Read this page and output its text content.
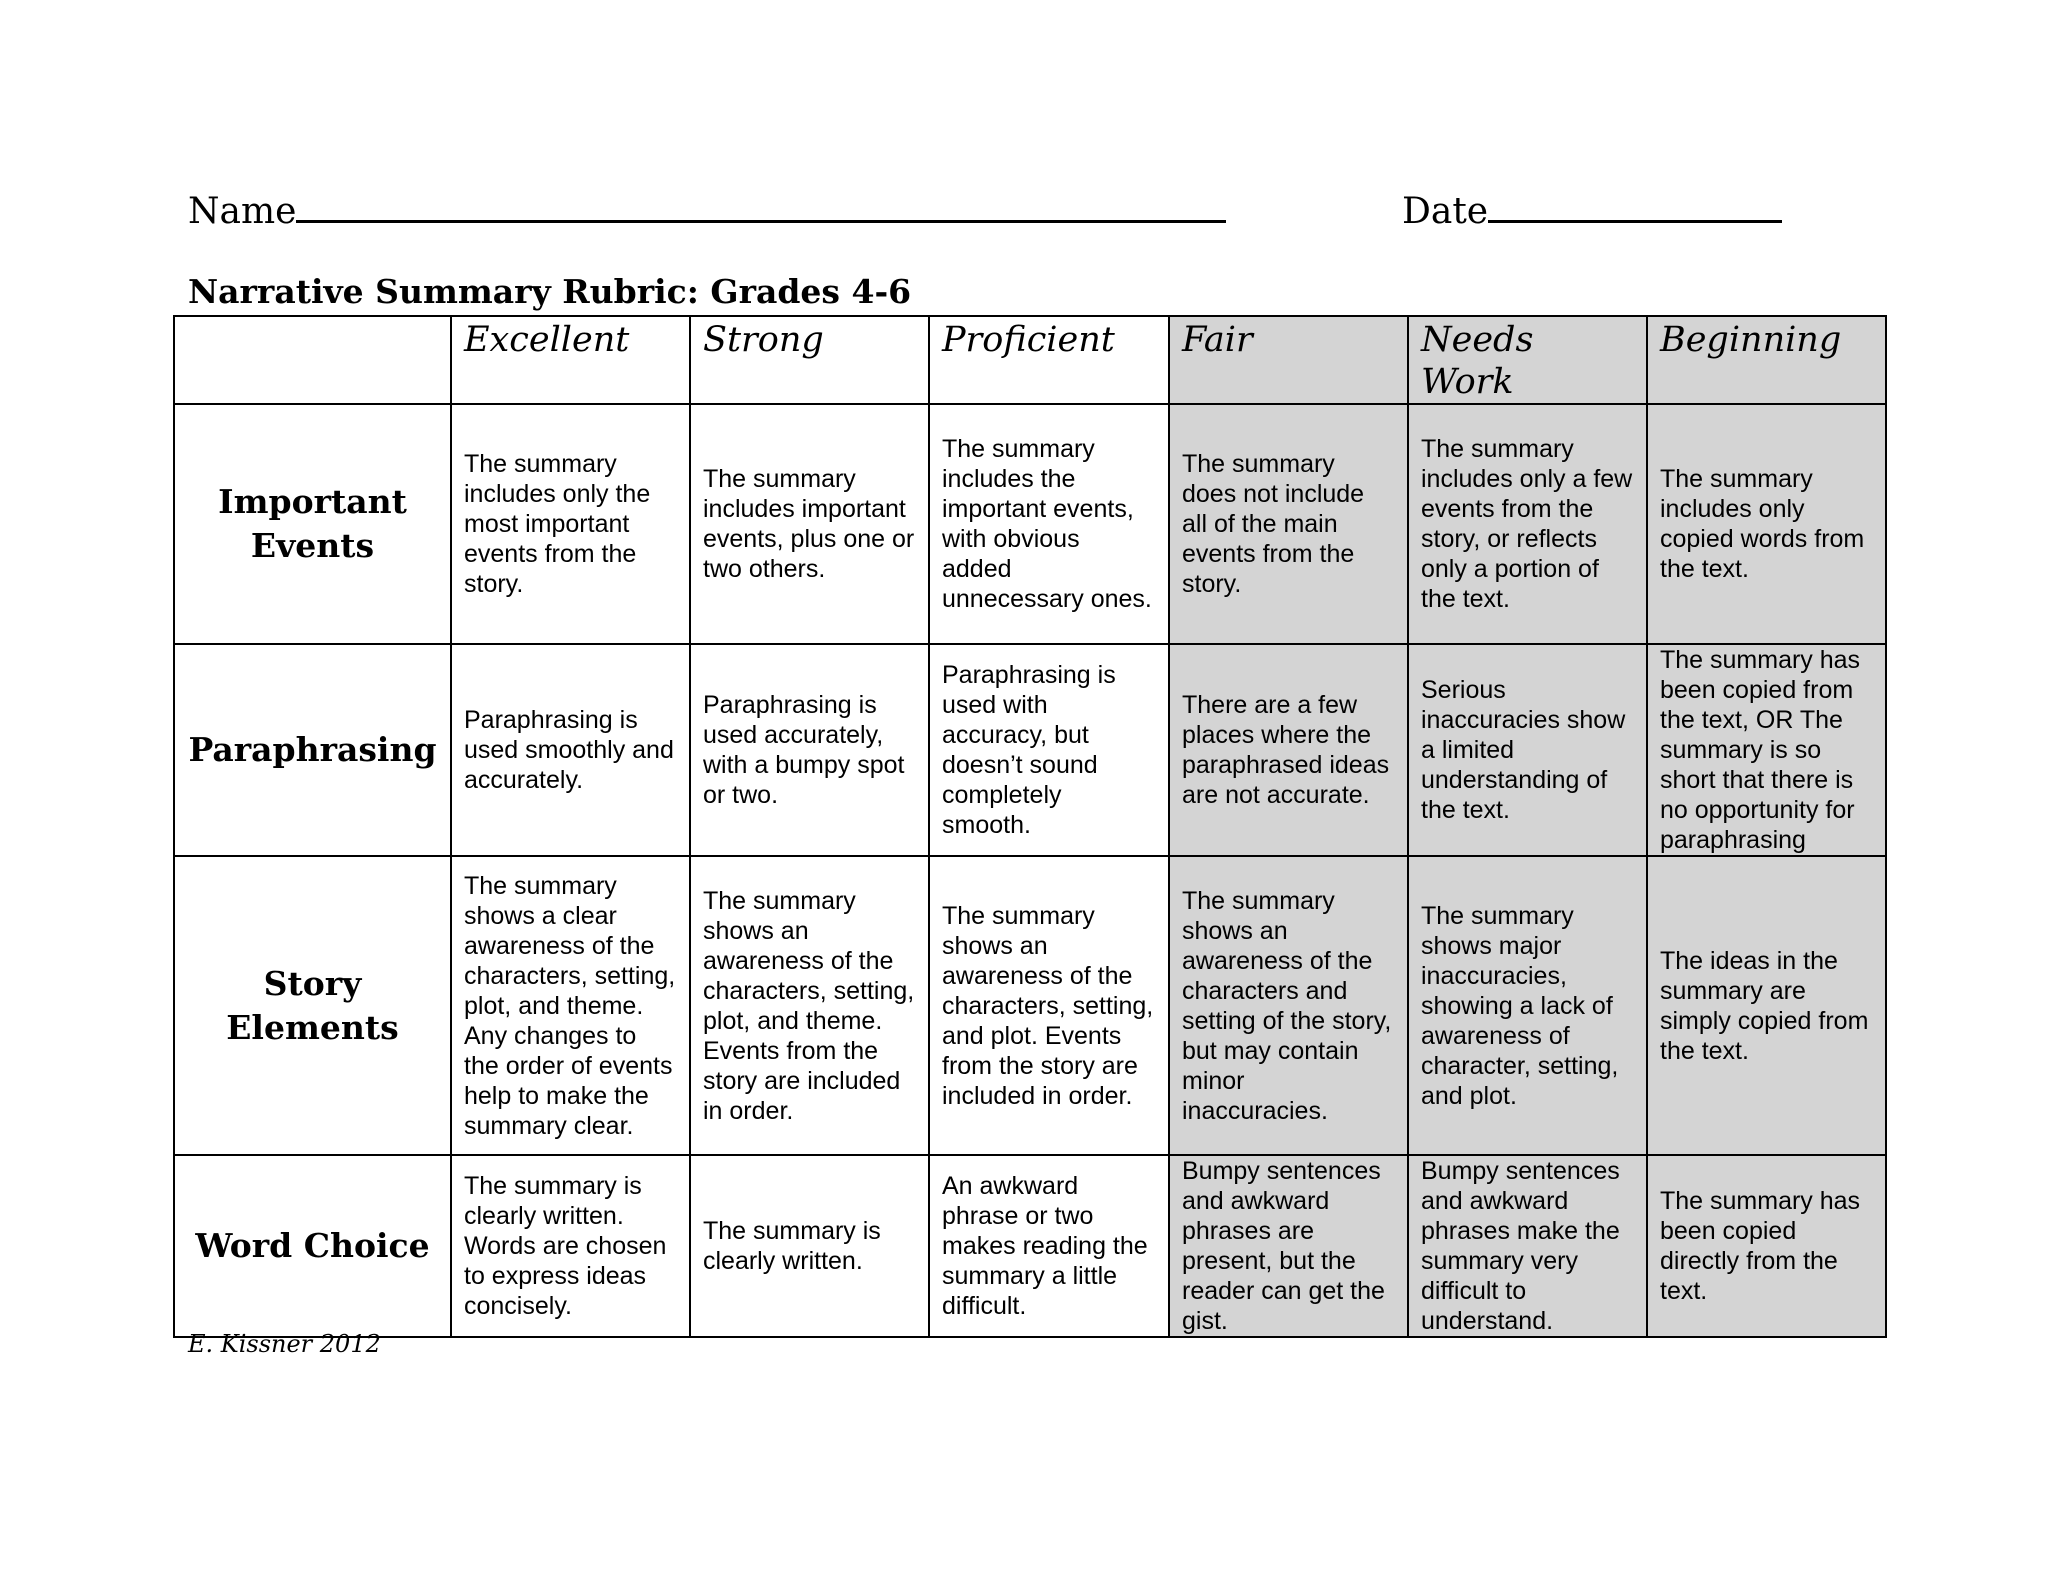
Name	Date
Narrative Summary Rubric: Grades 4-6
	Excellent	Strong	Proficient	Fair	Needs Work	Beginning
Important Events	The summary includes only the most important events from the story.	The summary includes important events, plus one or two others.	The summary includes the important events, with obvious added unnecessary ones.	The summary does not include all of the main events from the story.	The summary includes only a few events from the story, or reflects only a portion of the text.	The summary includes only copied words from the text.
Paraphrasing	Paraphrasing is used smoothly and accurately.	Paraphrasing is used accurately, with a bumpy spot or two.	Paraphrasing is used with accuracy, but doesn’t sound completely smooth.	There are a few places where the paraphrased ideas are not accurate.	Serious inaccuracies show a limited understanding of the text.	The summary has been copied from the text, OR The summary is so short that there is no opportunity for paraphrasing
Story Elements	The summary shows a clear awareness of the characters, setting, plot, and theme. Any changes to the order of events help to make the summary clear.	The summary shows an awareness of the characters, setting, plot, and theme. Events from the story are included in order.	The summary shows an awareness of the characters, setting, and plot. Events from the story are included in order.	The summary shows an awareness of the characters and setting of the story, but may contain minor inaccuracies.	The summary shows major inaccuracies, showing a lack of awareness of character, setting, and plot.	The ideas in the summary are simply copied from the text.
Word Choice	The summary is clearly written. Words are chosen to express ideas concisely.	The summary is clearly written.	An awkward phrase or two makes reading the summary a little difficult.	Bumpy sentences and awkward phrases are present, but the reader can get the gist.	Bumpy sentences and awkward phrases make the summary very difficult to understand.	The summary has been copied directly from the text.
E. Kissner 2012
